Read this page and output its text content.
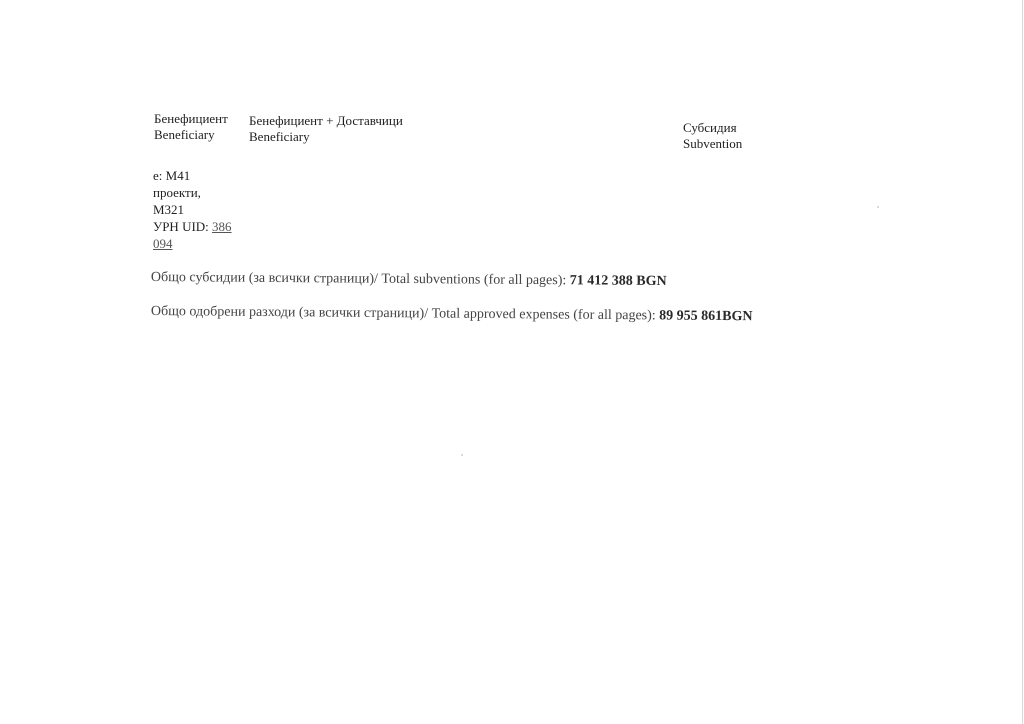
Бенефициент
Beneficiary
Бенефициент + Доставчици
Beneficiary
Субсидия
Subvention
е: М41
проекти,
М321
УРН UID: 386
094
Общо субсидии (за всички страници)/ Total subventions (for all pages): 71 412 388 BGN
Общо одобрени разходи (за всички страници)/ Total approved expenses (for all pages): 89 955 861BGN
